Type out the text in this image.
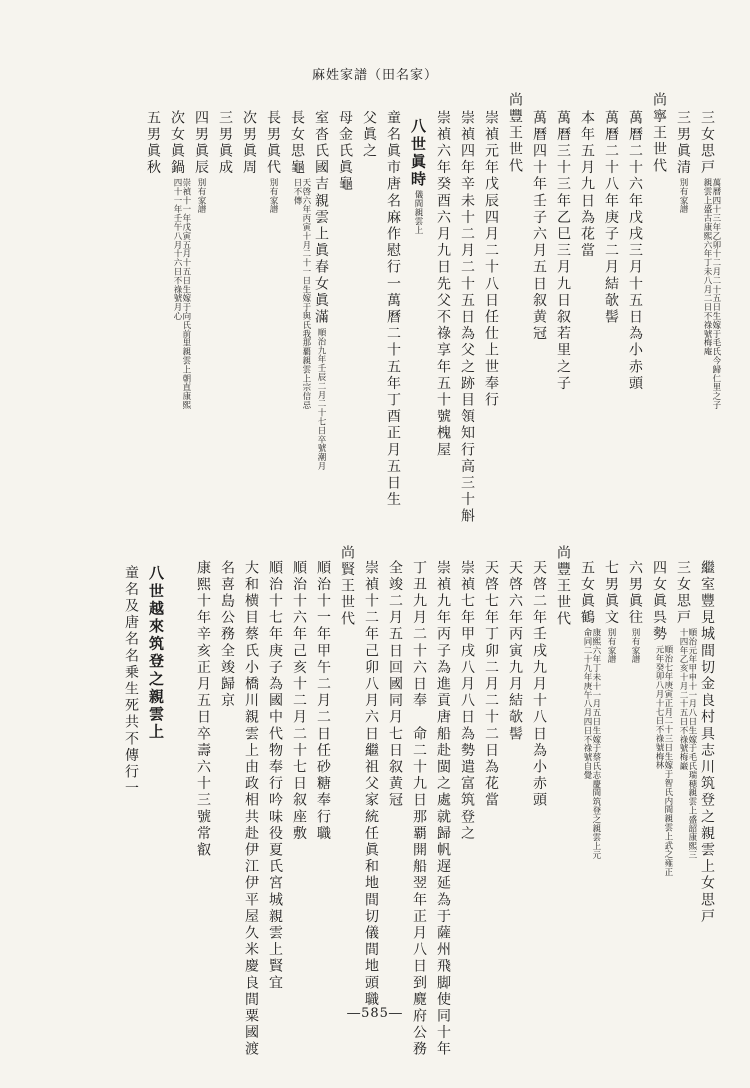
麻姓家譜（田名家）
三女思戸萬曆四十三年乙卯十二月二十五日生嫁于毛氏今歸仁里之子親雲上盛古康熙六年丁未八月二日不祿號梅庵
三男眞清別有家譜
尚寧王世代
萬曆二十六年戊戌三月十五日為小赤頭
萬曆二十八年庚子二月結欹髻
本年五月九日為花當
萬曆三十三年乙巳三月九日叙若里之子
萬曆四十年壬子六月五日叙黄冠
尚豐王世代
崇禎元年戊辰四月二十八日任仕上世奉行
崇禎四年辛未十二月二十五日為父之跡目領知行高三十斛
崇禎六年癸酉六月九日先父不祿享年五十號槐屋
八世眞時儀間親雲上
童名眞市唐名麻作慰行一萬曆二十五年丁酉正月五日生
父眞之
母金氏眞龜
室沓氏國吉親雲上眞春女眞滿順治九年壬辰二月二十七日卒號潮月
長女思龜天啓六年丙寅十月二十一日生嫁于與氏我那覇親雲上宗信忌日不傳
長男眞代別有家譜
次男眞周
三男眞成
四男眞辰別有家譜
次女眞鍋崇禎十一年戊寅五月十五日生嫁于向氏前里親雲上朝直康熙四十一年壬午八月十六日不祿號月心
五男眞秋
繼室豐見城間切金良村具志川筑登之親雲上女思戸
三女思戸順治元年甲申十一月八日生嫁于毛氏瑞穂親雲上盛韶康熙三十四年乙亥十月二十五日不祿號梅巌
四女眞呉勢順治七年庚寅正月二十三日生嫁于智氏内間親雲上武之雍正元年癸卯八月十七日不祿號梅林
六男眞往別有家譜
七男眞文別有家譜
五女眞鶴康熙六年丁未十一月五日生嫁于蔡氏志慶間筑登之親雲上元命同二十九年庚午八月四日不祿號自覺
尚豐王世代
天啓二年壬戌九月十八日為小赤頭
天啓六年丙寅九月結欹髻
天啓七年丁卯二月二十二日為花當
崇禎七年甲戌八月八日為勢遣富筑登之
崇禎九年丙子為進貢唐船赴閩之處就歸帆遅延為于薩州飛脚使同十年
丁丑九月二十六日奉　命二十九日那覇開船翌年正月八日到麑府公務
全竣二月五日回國同月七日叙黄冠
崇禎十二年己卯八月六日繼祖父家統任眞和地間切儀間地頭職
尚賢王世代
順治十一年甲午二月二日任砂糖奉行職
順治十六年己亥十二月二十七日叙座敷
順治十七年庚子為國中代物奉行吟味役夏氏宮城親雲上賢宜
大和横目蔡氏小橋川親雲上由政相共赴伊江伊平屋久米慶良間粟國渡
名喜島公務全竣歸京
康熙十年辛亥正月五日卒壽六十三號常叡
八世越來筑登之親雲上
童名及唐名名乗生死共不傳行一
―585―
